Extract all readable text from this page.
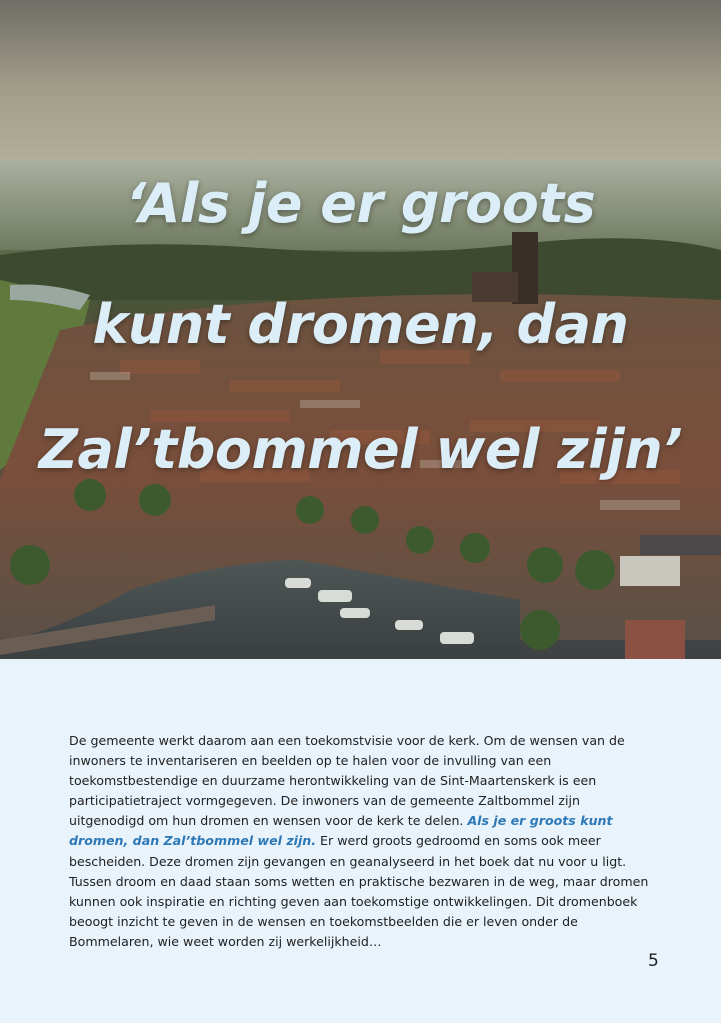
‘Als je er groots

kunt dromen, dan

Zal’tbommel wel zijn’

De gemeente werkt daarom aan een toekomstvisie voor de kerk. Om de wensen van de inwoners te inventariseren en beelden op te halen voor de invulling van een toekomstbestendige en duurzame herontwikkeling van de Sint-Maartenskerk is een participatietraject vormgegeven. De inwoners van de gemeente Zaltbommel zijn uitgenodigd om hun dromen en wensen voor de kerk te delen. Als je er groots kunt dromen, dan Zal’tbommel wel zijn. Er werd groots gedroomd en soms ook meer bescheiden. Deze dromen zijn gevangen en geanalyseerd in het boek dat nu voor u ligt. Tussen droom en daad staan soms wetten en praktische bezwaren in de weg, maar dromen kunnen ook inspiratie en richting geven aan toekomstige ontwikkelingen. Dit dromenboek beoogt inzicht te geven in de wensen en toekomstbeelden die er leven onder de Bommelaren, wie weet worden zij werkelijkheid…

5
